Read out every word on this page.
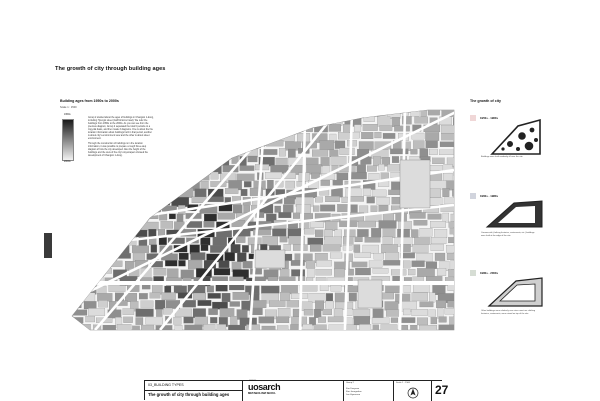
The growth of city through building ages
Building ages from 1950s to 2000s
Scale 1 : 1500
1950s
2000s
Group 2 studied about the ages of buildings in Changsin 1-dong, including Hyungin street (Jail/Yehtomul road). We refer the buildings from 1950s to the 2000s. As you can see from the previous diagram, Group 2 separated the total 6 periods on a ring-plat basis, and then made 3 diagrams. One is about the fire location information about buildings built in that period, another is about city's environment view and the other is about street environment.
Through the construction of buildings is in the location information, it was possible to prepare a rough three-step diagram of how the city developed. Also the height of the buildings and the view of the city's skyscrapers showed the development of Changsin 1-dong.
The growth of city
1950s - 1960s
Buildings were built randomly all over the site.
1960s - 1980s
Commercial (clothing factories, restaurants, etc.) buildings were built at the edge of the site.
1980s - 2000s
Other buildings were relatively new since most are clothing factories, restaurants, were raised on top of the site.
03_BUILDING TYPES
The growth of city through building ages
GROUP 2
uosarch
METABOLISM SEOUL
Group 2
Kim Daeyoon
Kim Jeongwhan
Lee Hyeonsoo
Scale 1 : 1500 27
